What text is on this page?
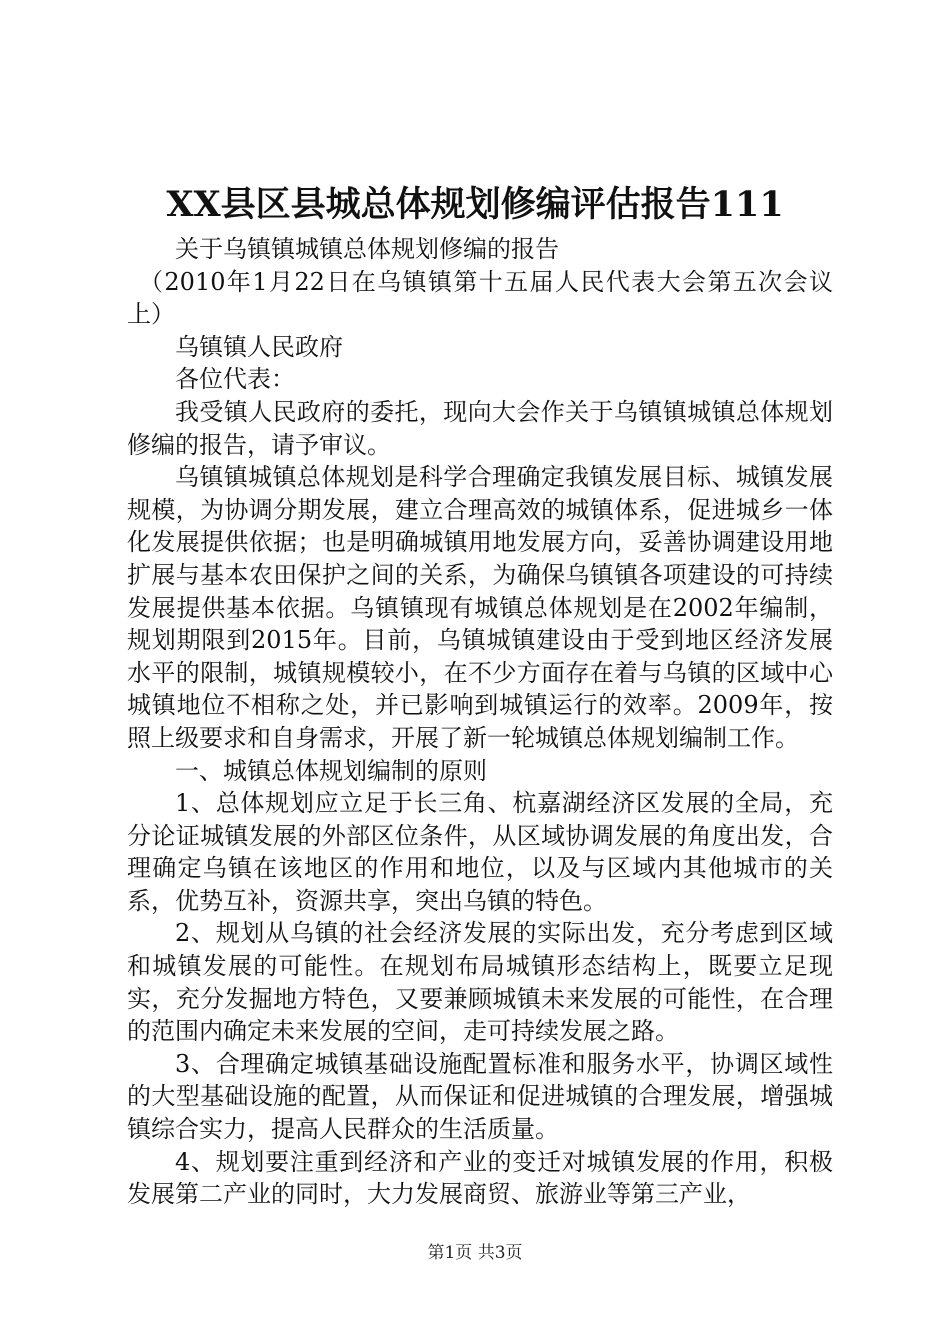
XX县区县城总体规划修编评估报告111

关于乌镇镇城镇总体规划修编的报告

（2010年1月22日在乌镇镇第十五届人民代表大会第五次会议上）

乌镇镇人民政府

各位代表：

我受镇人民政府的委托，现向大会作关于乌镇镇城镇总体规划修编的报告，请予审议。

乌镇镇城镇总体规划是科学合理确定我镇发展目标、城镇发展规模，为协调分期发展，建立合理高效的城镇体系，促进城乡一体化发展提供依据；也是明确城镇用地发展方向，妥善协调建设用地扩展与基本农田保护之间的关系，为确保乌镇镇各项建设的可持续发展提供基本依据。乌镇镇现有城镇总体规划是在2002年编制，规划期限到2015年。目前，乌镇城镇建设由于受到地区经济发展水平的限制，城镇规模较小，在不少方面存在着与乌镇的区域中心城镇地位不相称之处，并已影响到城镇运行的效率。2009年，按照上级要求和自身需求，开展了新一轮城镇总体规划编制工作。

一、城镇总体规划编制的原则

1、总体规划应立足于长三角、杭嘉湖经济区发展的全局，充分论证城镇发展的外部区位条件，从区域协调发展的角度出发，合理确定乌镇在该地区的作用和地位，以及与区域内其他城市的关系，优势互补，资源共享，突出乌镇的特色。

2、规划从乌镇的社会经济发展的实际出发，充分考虑到区域和城镇发展的可能性。在规划布局城镇形态结构上，既要立足现实，充分发掘地方特色，又要兼顾城镇未来发展的可能性，在合理的范围内确定未来发展的空间，走可持续发展之路。

3、合理确定城镇基础设施配置标准和服务水平，协调区域性的大型基础设施的配置，从而保证和促进城镇的合理发展，增强城镇综合实力，提高人民群众的生活质量。

4、规划要注重到经济和产业的变迁对城镇发展的作用，积极发展第二产业的同时，大力发展商贸、旅游业等第三产业，

第1页 共3页
